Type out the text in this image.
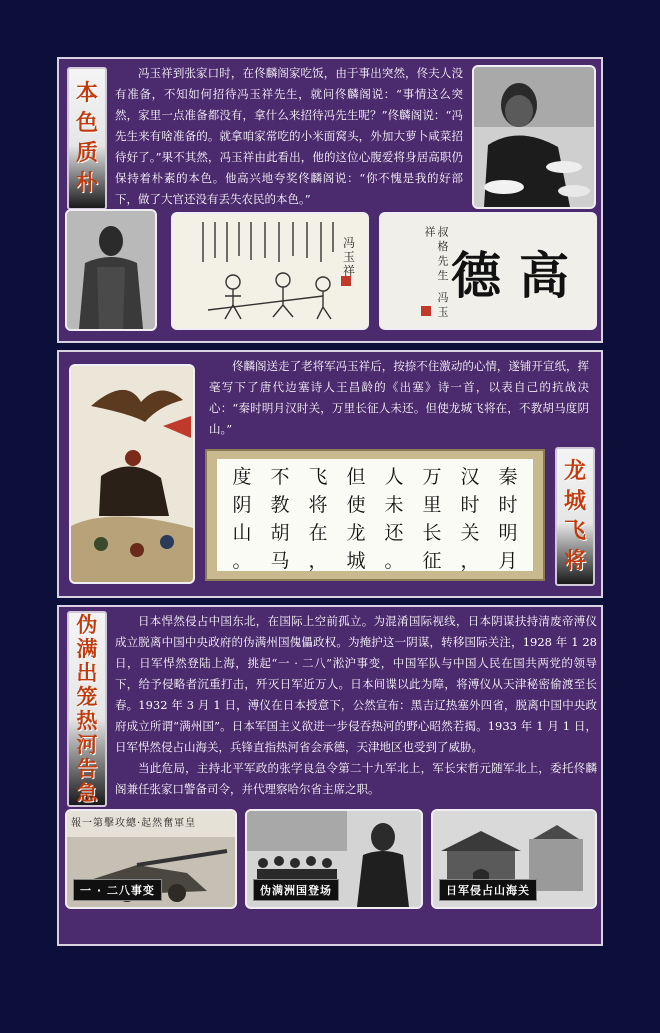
本
色
质
朴

冯玉祥到张家口时，在佟麟阁家吃饭，由于事出突然，佟夫人没有准备，不知如何招待冯玉祥先生，就问佟麟阁说：“事情这么突然，家里一点准备都没有，拿什么来招待冯先生呢？”佟麟阁说：“冯先生来有啥准备的。就拿咱家常吃的小米面窝头，外加大萝卜咸菜招待好了。”果不其然，冯玉祥由此看出，他的这位心腹爱将身居高职仍保持着朴素的本色。他高兴地夸奖佟麟阁说：“你不愧是我的好部下，做了大官还没有丢失农民的本色。”

冯玉祥	叔 格 先 生　冯 玉 祥
高德

佟麟阁送走了老将军冯玉祥后，按捺不住激动的心情，遂铺开宣纸，挥毫写下了唐代边塞诗人王昌龄的《出塞》诗一首，以表自己的抗战决心：“秦时明月汉时关，万里长征人未还。但使龙城飞将在，不教胡马度阴山。”

秦
时
明
月
汉
时
关
，
万
里
长
征
人
未
还
。
但
使
龙
城
飞
将
在
，
不
教
胡
马
度
阴
山
。
龙
城
飞
将
伪
满
出
笼
热
河
告
急

日本悍然侵占中国东北，在国际上空前孤立。为混淆国际视线，日本阴谋扶持清废帝溥仪成立脱离中国中央政府的伪满州国傀儡政权。为掩护这一阴谋，转移国际关注，1928 年 1 28 日，日军悍然登陆上海，挑起“一 · 二八”淞沪事变，中国军队与中国人民在国共两党的领导下，给予侵略者沉重打击，歼灭日军近万人。日本间谍以此为障，将溥仪从天津秘密偷渡至长春。1932 年 3 月 1 日，溥仪在日本授意下，公然宣布：黑吉辽热塞外四省，脱离中国中央政府成立所谓“满州国”。日本军国主义欲进一步侵吞热河的野心昭然若揭。1933 年 1 月 1 日，日军悍然侵占山海关，兵锋直指热河省会承德，天津地区也受到了威胁。

当此危局，主持北平军政的张学良急令第二十九军北上，军长宋哲元随军北上，委托佟麟阁兼任张家口警备司令，并代理察哈尔省主席之职。

報一第擊攻總·起然奮軍皇
一 · 二八事变	伪满洲国登场	日军侵占山海关
